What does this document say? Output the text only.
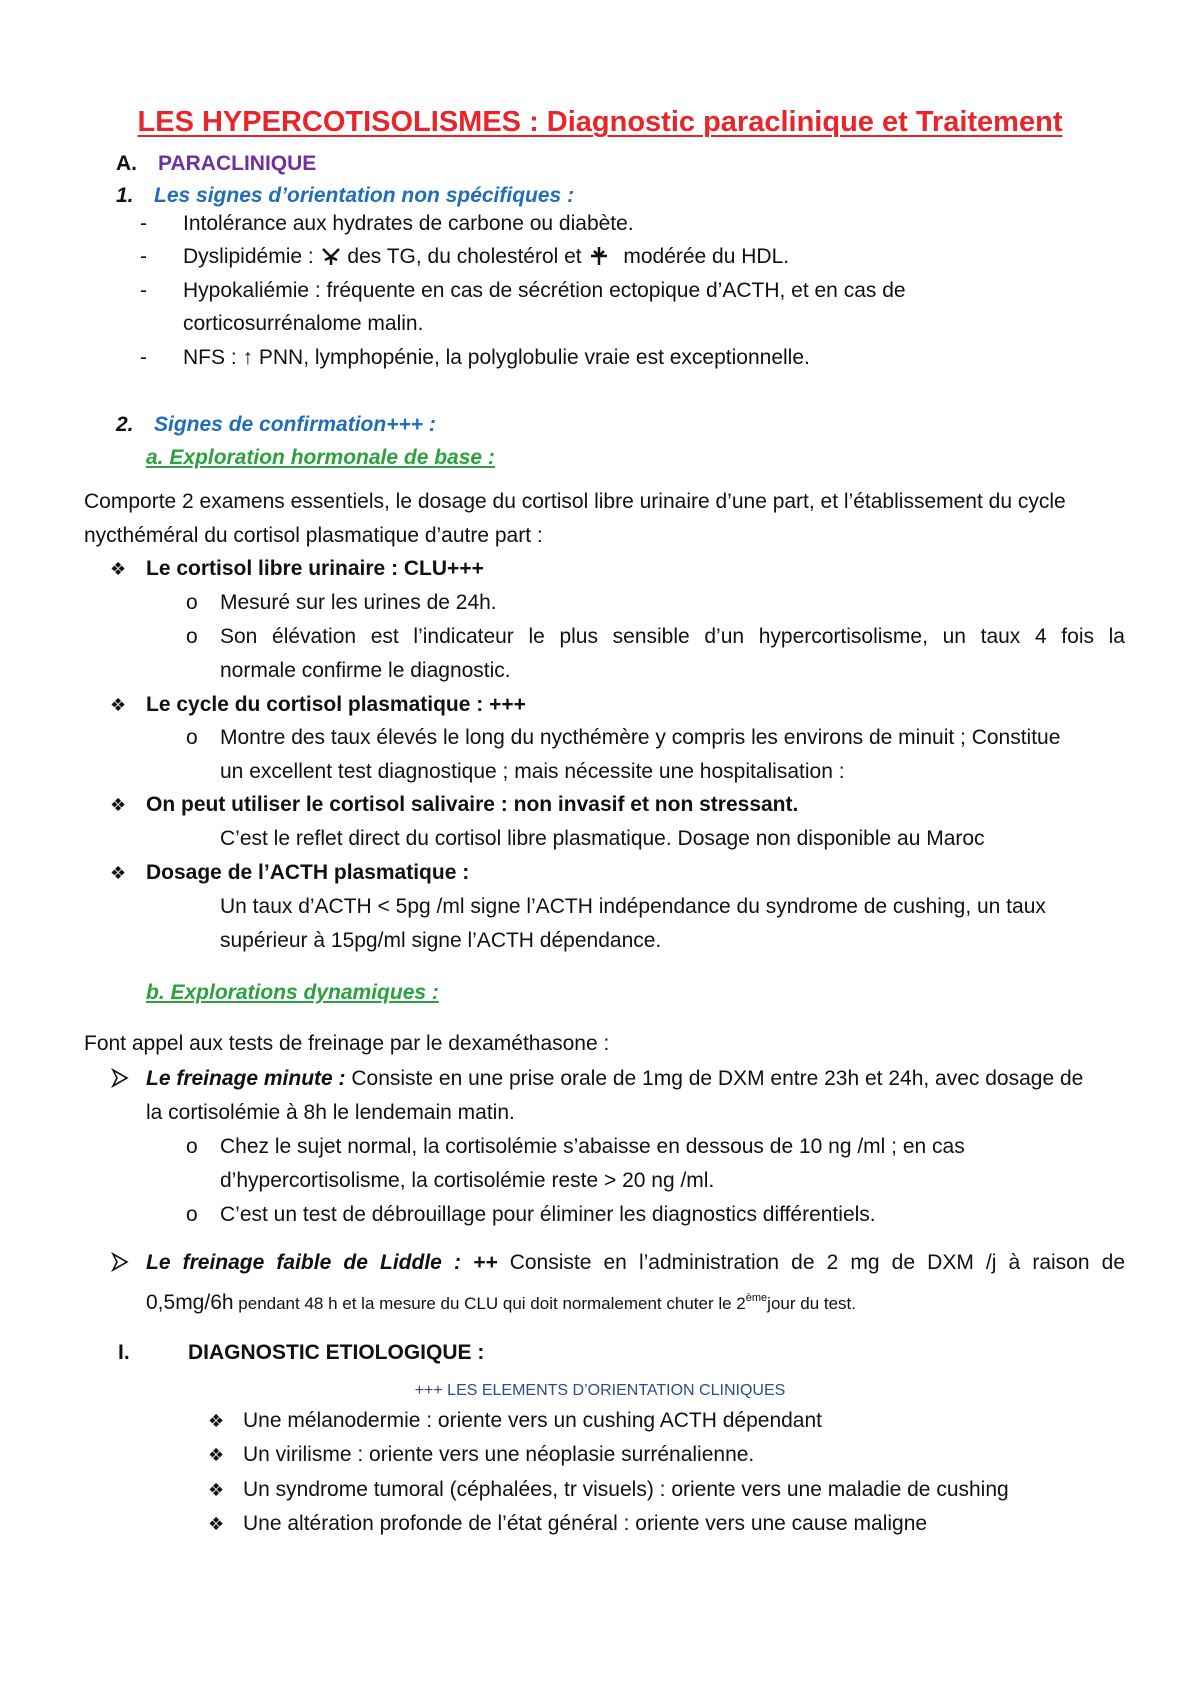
LES HYPERCOTISOLISMES : Diagnostic paraclinique et Traitement
A. PARACLINIQUE
1. Les signes d’orientation non spécifiques :
- Intolérance aux hydrates de carbone ou diabète.
- Dyslipidémie : des TG, du cholestérol et modérée du HDL.
- Hypokaliémie : fréquente en cas de sécrétion ectopique d’ACTH, et en cas de
corticosurrénalome malin.
- NFS : ↑ PNN, lymphopénie, la polyglobulie vraie est exceptionnelle.
2. Signes de confirmation+++ :
a. Exploration hormonale de base :
Comporte 2 examens essentiels, le dosage du cortisol libre urinaire d’une part, et l’établissement du cycle
nycthéméral du cortisol plasmatique d’autre part :
❖ Le cortisol libre urinaire : CLU+++
o Mesuré sur les urines de 24h.
o Son élévation est l’indicateur le plus sensible d’un hypercortisolisme, un taux 4 fois la
normale confirme le diagnostic.
❖ Le cycle du cortisol plasmatique : +++
o Montre des taux élevés le long du nycthémère y compris les environs de minuit ; Constitue
un excellent test diagnostique ; mais nécessite une hospitalisation :
❖ On peut utiliser le cortisol salivaire : non invasif et non stressant.
C’est le reflet direct du cortisol libre plasmatique. Dosage non disponible au Maroc
❖ Dosage de l’ACTH plasmatique :
Un taux d’ACTH < 5pg /ml signe l’ACTH indépendance du syndrome de cushing, un taux
supérieur à 15pg/ml signe l’ACTH dépendance.
b. Explorations dynamiques :
Font appel aux tests de freinage par le dexaméthasone :
Le freinage minute : Consiste en une prise orale de 1mg de DXM entre 23h et 24h, avec dosage de
la cortisolémie à 8h le lendemain matin.
o Chez le sujet normal, la cortisolémie s’abaisse en dessous de 10 ng /ml ; en cas
d’hypercortisolisme, la cortisolémie reste > 20 ng /ml.
o C’est un test de débrouillage pour éliminer les diagnostics différentiels.
Le freinage faible de Liddle : ++ Consiste en l’administration de 2 mg de DXM /j à raison de
0,5mg/6h pendant 48 h et la mesure du CLU qui doit normalement chuter le 2èmejour du test.
I.	DIAGNOSTIC ETIOLOGIQUE :
+++ LES ELEMENTS D’ORIENTATION CLINIQUES
❖ Une mélanodermie : oriente vers un cushing ACTH dépendant
❖ Un virilisme : oriente vers une néoplasie surrénalienne.
❖ Un syndrome tumoral (céphalées, tr visuels) : oriente vers une maladie de cushing
❖ Une altération profonde de l’état général : oriente vers une cause maligne
